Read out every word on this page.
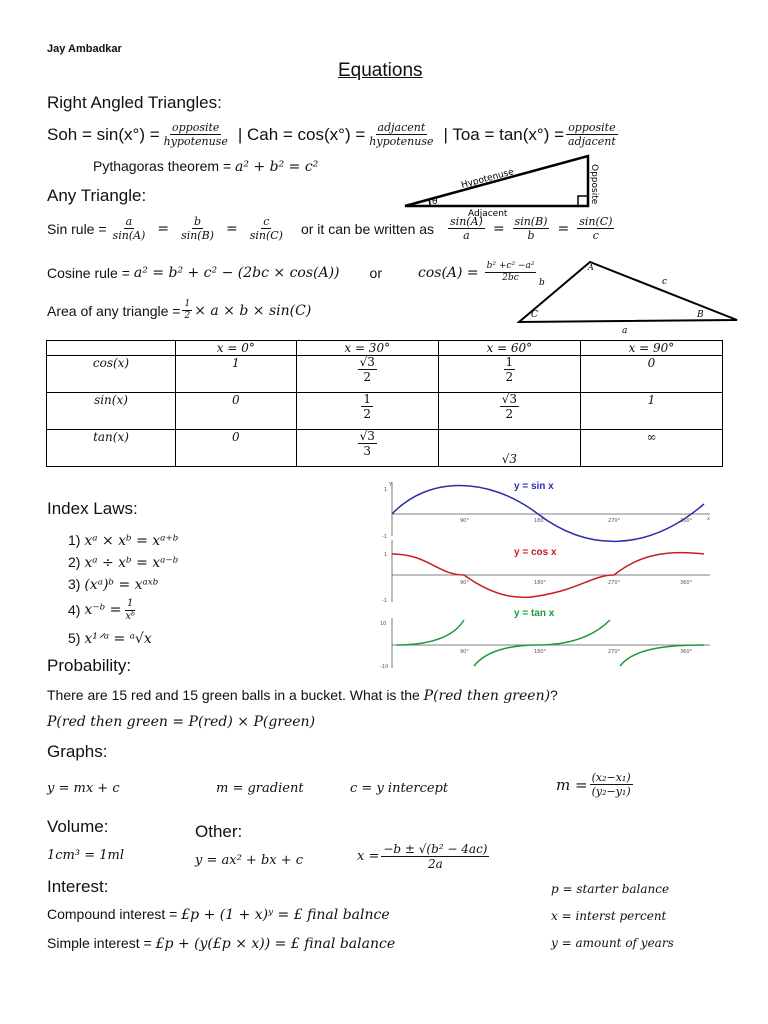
Jay Ambadkar
Equations
Right Angled Triangles:
Soh = $\sin(x^\circ) = \frac{\text{opposite}}{\text{hypotenuse}}$ | Cah = $\cos(x^\circ) = \frac{\text{adjacent}}{\text{hypotenuse}}$ | Toa = $\tan(x^\circ) = \frac{\text{opposite}}{\text{adjacent}}$
Pythagoras theorem = a² + b² = c²
θ
Hypotenuse	Opposite
Adjacent
Any Triangle:
Sin rule = $\frac{a}{\sin(A)} = \frac{b}{\sin(B)} = \frac{c}{\sin(C)}$ or it can be written as $\frac{\sin(A)}{a} = \frac{\sin(B)}{b} = \frac{\sin(C)}{c}$
Cosine rule = a² = b² + c² − (2bc × cos(A)) or	$\cos(A) = \frac{\text{b² +c² −a²}}{2bc}$
Area of any triangle = $\frac{1}{2} \times a \times b \times \sin(C)$
A
B
C
a
b	c
	x = 0°	x = 30°	x = 60°	x = 90°
cos(x)	1	$\frac{√3}{2}$	$\frac{1}{2}$	0
sin(x)	0	$\frac{1}{2}$	$\frac{√3}{2}$	1
tan(x)	0	$\frac{√3}{3}$	√3	∞
Index Laws:
1) xᵃ × xᵇ = xᵃ⁺ᵇ
2) xᵃ ÷ xᵇ = xᵃ⁻ᵇ
3) (xᵃ)ᵇ = xᵃˣᵇ
4)
x⁻ᵇ = $\frac{1}{\text{xᵇ}}$
5) x¹ᐟᵃ = ᵃ√x
y
x
1
-1
y = sin x
90°	180°	270°	360°
1
-1
y = cos x
90°	180°	270°	360°
10
-10
y = tan x
90°	180°	270°	360°
Probability:
There are 15 red and 15 green balls in a bucket. What is the P(red then green)?
P(red then green = P(red) × P(green)
Graphs:
y = mx + c	m = gradient	c = y intercept	$m = \frac{\text{(x₂−x₁)}}{\text{(y₂−y₁)}}$
Volume:
1cm³ = 1ml
Other:
y = ax² + bx + c	$x = \frac{\text{−b ± √(b² − 4ac)}}{2a}$
Interest:	p = starter balance
Compound interest = £p + (1 + x)ʸ = £ final balnce	x = interst percent
Simple interest = £p + (y(£p × x)) = £ final balance	y = amount of years
